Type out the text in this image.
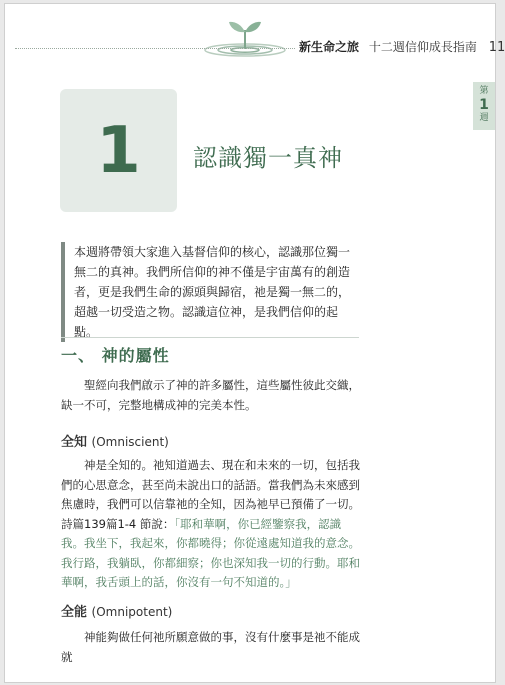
新生命之旅 十二週信仰成長指南 11
第
1
週
1 認識獨一真神
本週將帶領大家進入基督信仰的核心，認識那位獨一無二的真神。我們所信仰的神不僅是宇宙萬有的創造者，更是我們生命的源頭與歸宿，祂是獨一無二的，超越一切受造之物。認識這位神，是我們信仰的起點。
一、 神的屬性
聖經向我們啟示了神的許多屬性，這些屬性彼此交織，缺一不可，完整地構成神的完美本性。
全知 (Omniscient)
神是全知的。祂知道過去、現在和未來的一切，包括我們的心思意念，甚至尚未說出口的話語。當我們為未來感到焦慮時，我們可以信靠祂的全知，因為祂早已預備了一切。詩篇139篇1-4 節說：「耶和華啊，你已經鑒察我，認識我。我坐下，我起來，你都曉得；你從遠處知道我的意念。我行路，我躺臥，你都細察；你也深知我一切的行動。耶和華啊，我舌頭上的話，你沒有一句不知道的。」
全能 (Omnipotent)
神能夠做任何祂所願意做的事，沒有什麼事是祂不能成就
